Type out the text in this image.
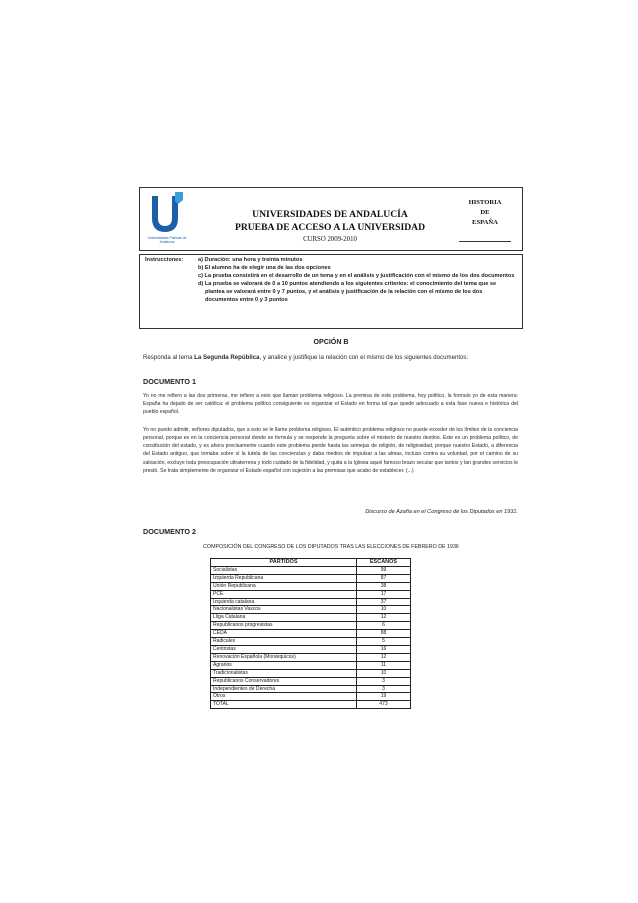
Universidades Públicas de Andalucía
UNIVERSIDADES DE ANDALUCÍA
PRUEBA DE ACCESO A LA UNIVERSIDAD
CURSO 2009-2010
HISTORIA
DE
ESPAÑA
Instrucciones:	a) Duración: una hora y treinta minutos
b) El alumno ha de elegir una de las dos opciones
c) La prueba consistirá en el desarrollo de un tema y en el análisis y justificación con el mismo de los dos documentos
d) La prueba se valorará de 0 a 10 puntos atendiendo a los siguientes criterios: el conocimiento del tema que se plantea se valorará entre 0 y 7 puntos, y el análisis y justificación de la relación con el mismo de los dos documentos entre 0 y 3 puntos
OPCIÓN B
Responda al tema La Segunda República, y analice y justifique la relación con el mismo de los siguientes documentos:
DOCUMENTO 1
Yo no me refiero a las dos primeras, me refiero a esto que llaman problema religioso. La premisa de este problema, hoy político, la formulo yo de esta manera: España ha dejado de ser católica: el problema político consiguiente es organizar el Estado en forma tal que quede adecuado a esta fase nueva e histórica del pueblo español.
Yo no puedo admitir, señores diputados, que a esto se le llame problema religioso. El auténtico problema religioso no puede exceder de los límites de la conciencia personal, porque es en la conciencia personal donde se formula y se responde la pregunta sobre el misterio de nuestro destino. Este es un problema político, de constitución del estado, y es ahora precisamente cuando este problema pierde hasta las semejas de religión, de religiosidad, porque nuestro Estado, a diferencia del Estado antiguo, que tomaba sobre sí la tutela de las conciencias y daba medios de impulsar a las almas, incluso contra su voluntad, por el camino de su salvación, excluye toda preocupación ultraterrena y todo cuidado de la fidelidad, y quita a la Iglesia aquel famoso brazo secular que tantos y tan grandes servicios le prestó. Se trata simplemente de organizar el Estado español con sujeción a las premisas que acabo de establecer. (...)
Discurso de Azaña en el Congreso de los Diputados en 1931.
DOCUMENTO 2
COMPOSICIÓN DEL CONGRESO DE LOS DIPUTADOS TRAS LAS ELECCIONES DE FEBRERO DE 1936
PARTIDOS	ESCAÑOS
Socialistas	99
Izquierda Republicana	87
Unión Republicana	38
PCE	17
Izquierda catalana	37
Nacionalistas Vascos	10
Lliga Catalana	12
Republicanos progresistas	6
CEDA	88
Radicales	5
Centristas	16
Renovación Española (Monárquicos)	12
Agrarios	11
Tradicionalistas	10
Republicanos Conservadores	3
Independientes de Derecha	3
Otros	19
TOTAL	473
